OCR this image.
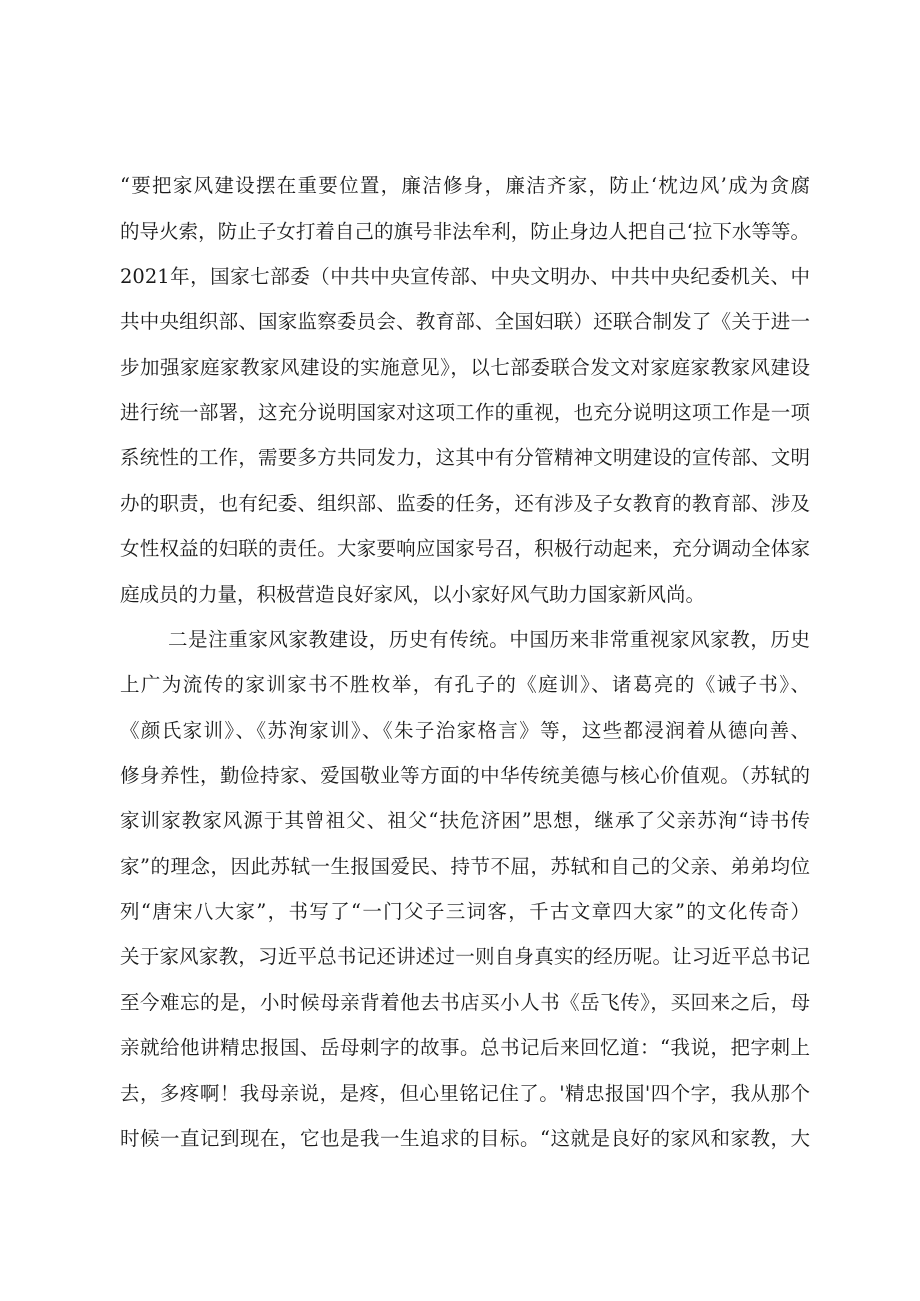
“要把家风建设摆在重要位置，廉洁修身，廉洁齐家，防止‘枕边风’成为贪腐
的导火索，防止子女打着自己的旗号非法牟利，防止身边人把自己‘拉下水等等。
2021年，国家七部委（中共中央宣传部、中央文明办、中共中央纪委机关、中
共中央组织部、国家监察委员会、教育部、全国妇联）还联合制发了《关于进一
步加强家庭家教家风建设的实施意见》，以七部委联合发文对家庭家教家风建设
进行统一部署，这充分说明国家对这项工作的重视，也充分说明这项工作是一项
系统性的工作，需要多方共同发力，这其中有分管精神文明建设的宣传部、文明
办的职责，也有纪委、组织部、监委的任务，还有涉及子女教育的教育部、涉及
女性权益的妇联的责任。大家要响应国家号召，积极行动起来，充分调动全体家
庭成员的力量，积极营造良好家风，以小家好风气助力国家新风尚。
二是注重家风家教建设，历史有传统。中国历来非常重视家风家教，历史
上广为流传的家训家书不胜枚举，有孔子的《庭训》、诸葛亮的《诫子书》、
《颜氏家训》、《苏洵家训》、《朱子治家格言》等，这些都浸润着从德向善、
修身养性，勤俭持家、爱国敬业等方面的中华传统美德与核心价值观。（苏轼的
家训家教家风源于其曾祖父、祖父“扶危济困”思想，继承了父亲苏洵“诗书传
家”的理念，因此苏轼一生报国爱民、持节不屈，苏轼和自己的父亲、弟弟均位
列“唐宋八大家”，书写了“一门父子三词客，千古文章四大家”的文化传奇）
关于家风家教，习近平总书记还讲述过一则自身真实的经历呢。让习近平总书记
至今难忘的是，小时候母亲背着他去书店买小人书《岳飞传》，买回来之后，母
亲就给他讲精忠报国、岳母刺字的故事。总书记后来回忆道：“我说，把字刺上
去，多疼啊！我母亲说，是疼，但心里铭记住了。'精忠报国'四个字，我从那个
时候一直记到现在，它也是我一生追求的目标。“这就是良好的家风和家教，大
